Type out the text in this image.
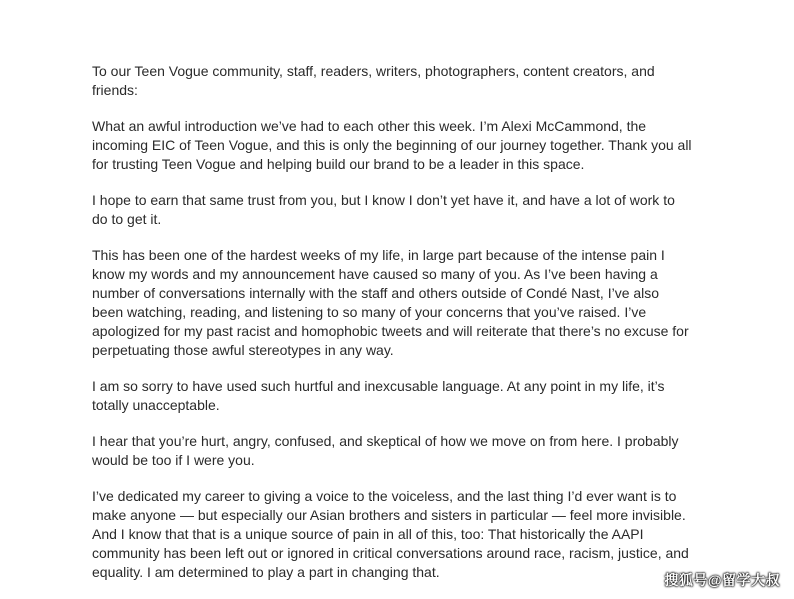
To our Teen Vogue community, staff, readers, writers, photographers, content creators, and friends:

What an awful introduction we’ve had to each other this week. I’m Alexi McCammond, the incoming EIC of Teen Vogue, and this is only the beginning of our journey together. Thank you all for trusting Teen Vogue and helping build our brand to be a leader in this space.

I hope to earn that same trust from you, but I know I don’t yet have it, and have a lot of work to do to get it.

This has been one of the hardest weeks of my life, in large part because of the intense pain I know my words and my announcement have caused so many of you. As I’ve been having a number of conversations internally with the staff and others outside of Condé Nast, I’ve also been watching, reading, and listening to so many of your concerns that you’ve raised. I’ve apologized for my past racist and homophobic tweets and will reiterate that there’s no excuse for perpetuating those awful stereotypes in any way.

I am so sorry to have used such hurtful and inexcusable language. At any point in my life, it’s totally unacceptable.

I hear that you’re hurt, angry, confused, and skeptical of how we move on from here. I probably would be too if I were you.

I’ve dedicated my career to giving a voice to the voiceless, and the last thing I’d ever want is to make anyone — but especially our Asian brothers and sisters in particular — feel more invisible. And I know that that is a unique source of pain in all of this, too: That historically the AAPI community has been left out or ignored in critical conversations around race, racism, justice, and equality. I am determined to play a part in changing that.	搜狐号@留学大叔
